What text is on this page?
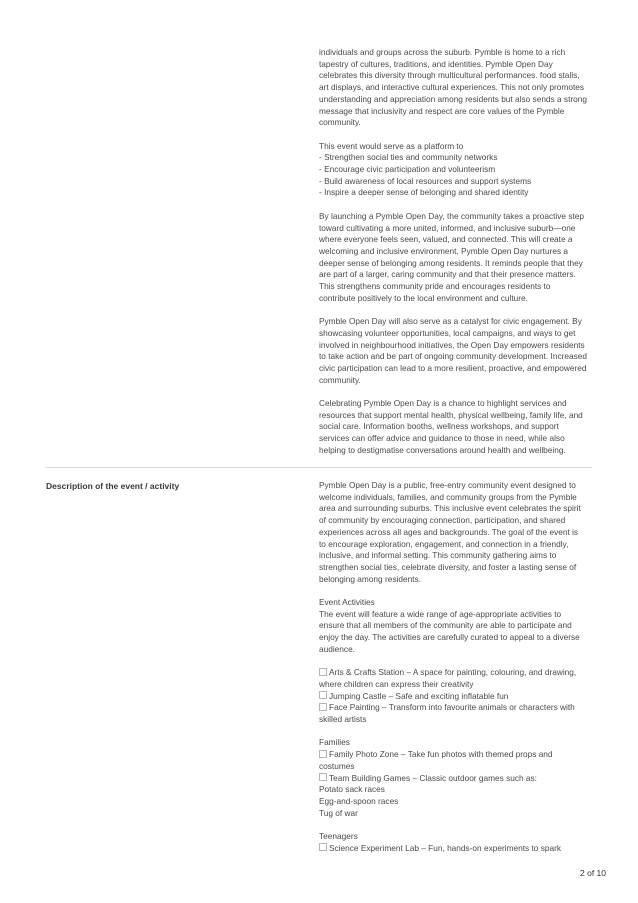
individuals and groups across the suburb. Pymble is home to a rich

tapestry of cultures, traditions, and identities. Pymble Open Day

celebrates this diversity through multicultural performances. food stalls,

art displays, and interactive cultural experiences. This not only promotes

understanding and appreciation among residents but also sends a strong

message that inclusivity and respect are core values of the Pymble

community.

This event would serve as a platform to

- Strengthen social ties and community networks

- Encourage civic participation and volunteerism

- Build awareness of local resources and support systems

- Inspire a deeper sense of belonging and shared identity

By launching a Pymble Open Day, the community takes a proactive step

toward cultivating a more united, informed, and inclusive suburb—one

where everyone feels seen, valued, and connected. This will create a

welcoming and inclusive environment, Pymble Open Day nurtures a

deeper sense of belonging among residents. It reminds people that they

are part of a larger, caring community and that their presence matters.

This strengthens community pride and encourages residents to

contribute positively to the local environment and culture.

Pymble Open Day will also serve as a catalyst for civic engagement. By

showcasing volunteer opportunities, local campaigns, and ways to get

involved in neighbourhood initiatives, the Open Day empowers residents

to take action and be part of ongoing community development. Increased

civic participation can lead to a more resilient, proactive, and empowered

community.

Celebrating Pymble Open Day is a chance to highlight services and

resources that support mental health, physical wellbeing, family life, and

social care. Information booths, wellness workshops, and support

services can offer advice and guidance to those in need, while also

helping to destigmatise conversations around health and wellbeing.

Description of the event / activity	Pymble Open Day is a public, free-entry community event designed to

welcome individuals, families, and community groups from the Pymble

area and surrounding suburbs. This inclusive event celebrates the spirit

of community by encouraging connection, participation, and shared

experiences across all ages and backgrounds. The goal of the event is

to encourage exploration, engagement, and connection in a friendly,

inclusive, and informal setting. This community gathering aims to

strengthen social ties, celebrate diversity, and foster a lasting sense of

belonging among residents.

Event Activities

The event will feature a wide range of age-appropriate activities to

ensure that all members of the community are able to participate and

enjoy the day. The activities are carefully curated to appeal to a diverse

audience.

Arts & Crafts Station – A space for painting, colouring, and drawing,

where children can express their creativity

Jumping Castle – Safe and exciting inflatable fun

Face Painting – Transform into favourite animals or characters with

skilled artists

Families

Family Photo Zone – Take fun photos with themed props and

costumes

Team Building Games – Classic outdoor games such as:

Potato sack races

Egg-and-spoon races

Tug of war

Teenagers

Science Experiment Lab – Fun, hands-on experiments to spark

2 of 10
